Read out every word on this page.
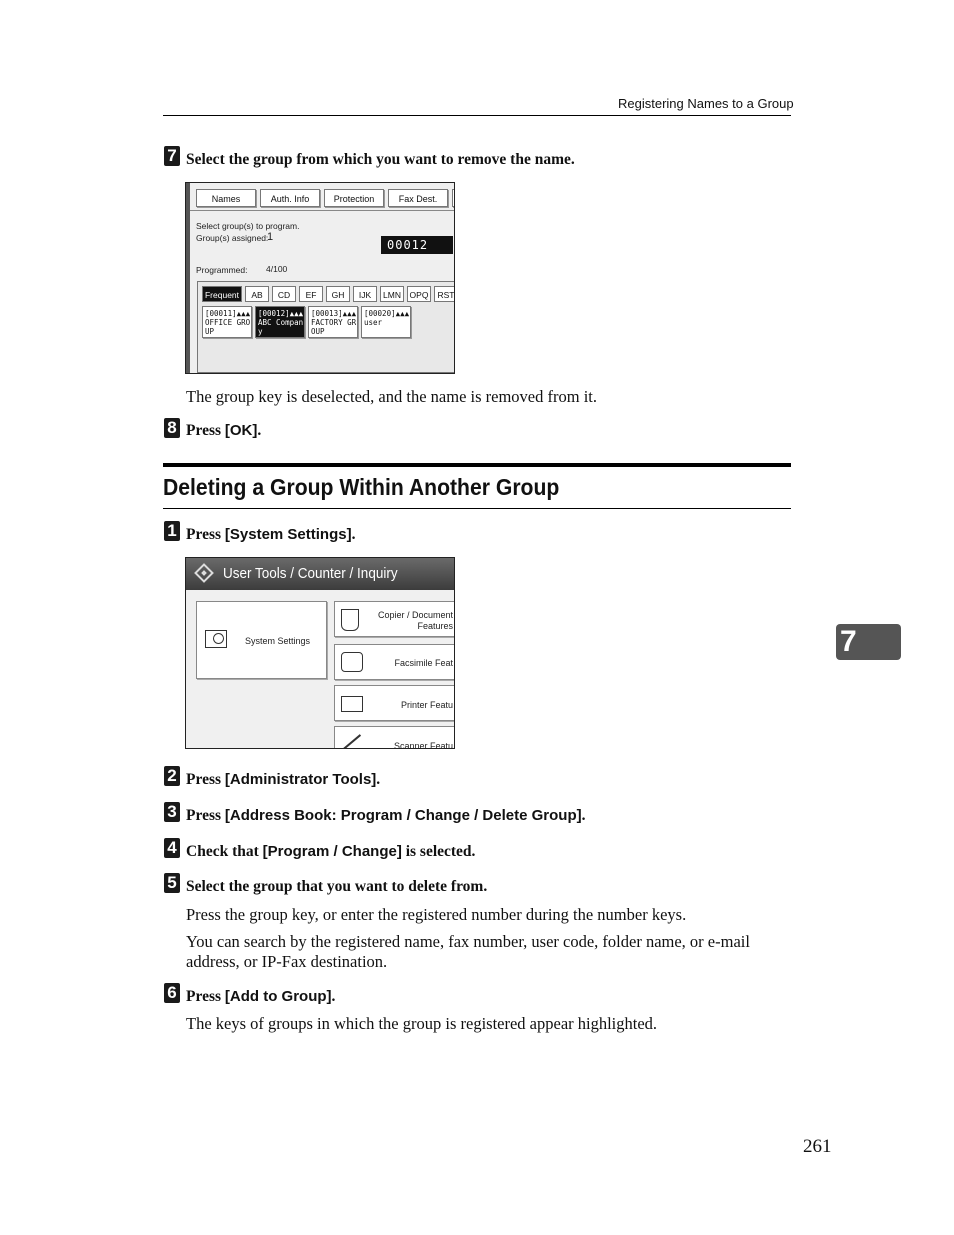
Registering Names to a Group
7 Select the group from which you want to remove the name.
Names	Auth. Info	Protection	Fax Dest.
Select group(s) to program.
Group(s) assigned:
1
00012
Programmed: 4/100
Frequent	AB	CD	EF	GH	IJK	LMN	OPQ	RST
[00011]▲▲▲
OFFICE GRO
UP
[00012]▲▲▲
ABC Compan
y
[00013]▲▲▲
FACTORY GR
OUP
[00020]▲▲▲
user
The group key is deselected, and the name is removed from it.
8 Press [OK].
Deleting a Group Within Another Group
1 Press [System Settings].
User Tools / Counter / Inquiry
System Settings
Copier / Document
Features
Facsimile Feat
Printer Featu
Scanner Featu
2 Press [Administrator Tools].
3 Press [Address Book: Program / Change / Delete Group].
4 Check that [Program / Change] is selected.
5 Select the group that you want to delete from.
Press the group key, or enter the registered number during the number keys.
You can search by the registered name, fax number, user code, folder name, or e-mail address, or IP-Fax destination.
6 Press [Add to Group].
The keys of groups in which the group is registered appear highlighted.
7
261
